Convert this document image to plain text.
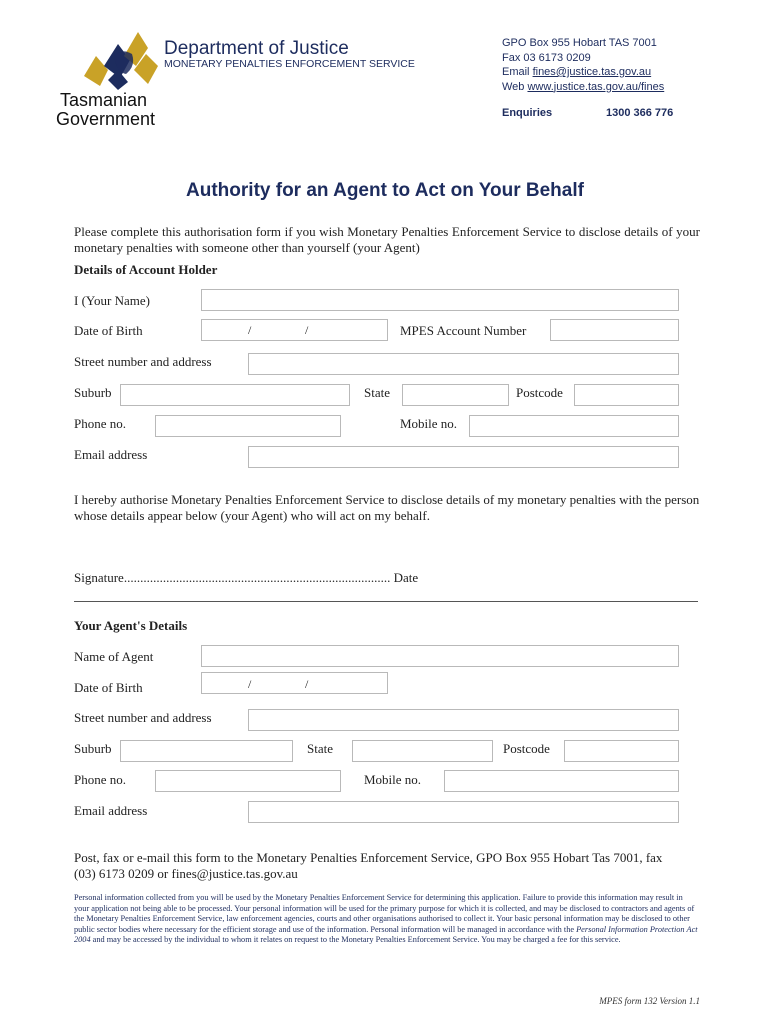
Tasmanian
Government
Department of Justice
MONETARY PENALTIES ENFORCEMENT SERVICE
GPO Box 955 Hobart TAS 7001
Fax 03 6173 0209
Email fines@justice.tas.gov.au
Web www.justice.tas.gov.au/fines
Enquiries	1300 366 776
Authority for an Agent to Act on Your Behalf
Please complete this authorisation form if you wish Monetary Penalties Enforcement Service to disclose details of your monetary penalties with someone other than yourself (your Agent)
Details of Account Holder
I (Your Name)
Date of Birth	/	/	MPES Account Number
Street number and address
Suburb	State	Postcode
Phone no.	Mobile no.
Email address
I hereby authorise Monetary Penalties Enforcement Service to disclose details of my monetary penalties with the person whose details appear below (your Agent) who will act on my behalf.
Signature.................................................................................. Date
Your Agent's Details
Name of Agent
Date of Birth	/	/
Street number and address
Suburb	State	Postcode
Phone no.	Mobile no.
Email address
Post, fax or e-mail this form to the Monetary Penalties Enforcement Service, GPO Box 955 Hobart Tas 7001, fax (03) 6173 0209 or fines@justice.tas.gov.au
Personal information collected from you will be used by the Monetary Penalties Enforcement Service for determining this application. Failure to provide this information may result in your application not being able to be processed. Your personal information will be used for the primary purpose for which it is collected, and may be disclosed to contractors and agents of the Monetary Penalties Enforcement Service, law enforcement agencies, courts and other organisations authorised to collect it. Your basic personal information may be disclosed to other public sector bodies where necessary for the efficient storage and use of the information. Personal information will be managed in accordance with the Personal Information Protection Act 2004 and may be accessed by the individual to whom it relates on request to the Monetary Penalties Enforcement Service. You may be charged a fee for this service.
MPES form 132 Version 1.1
